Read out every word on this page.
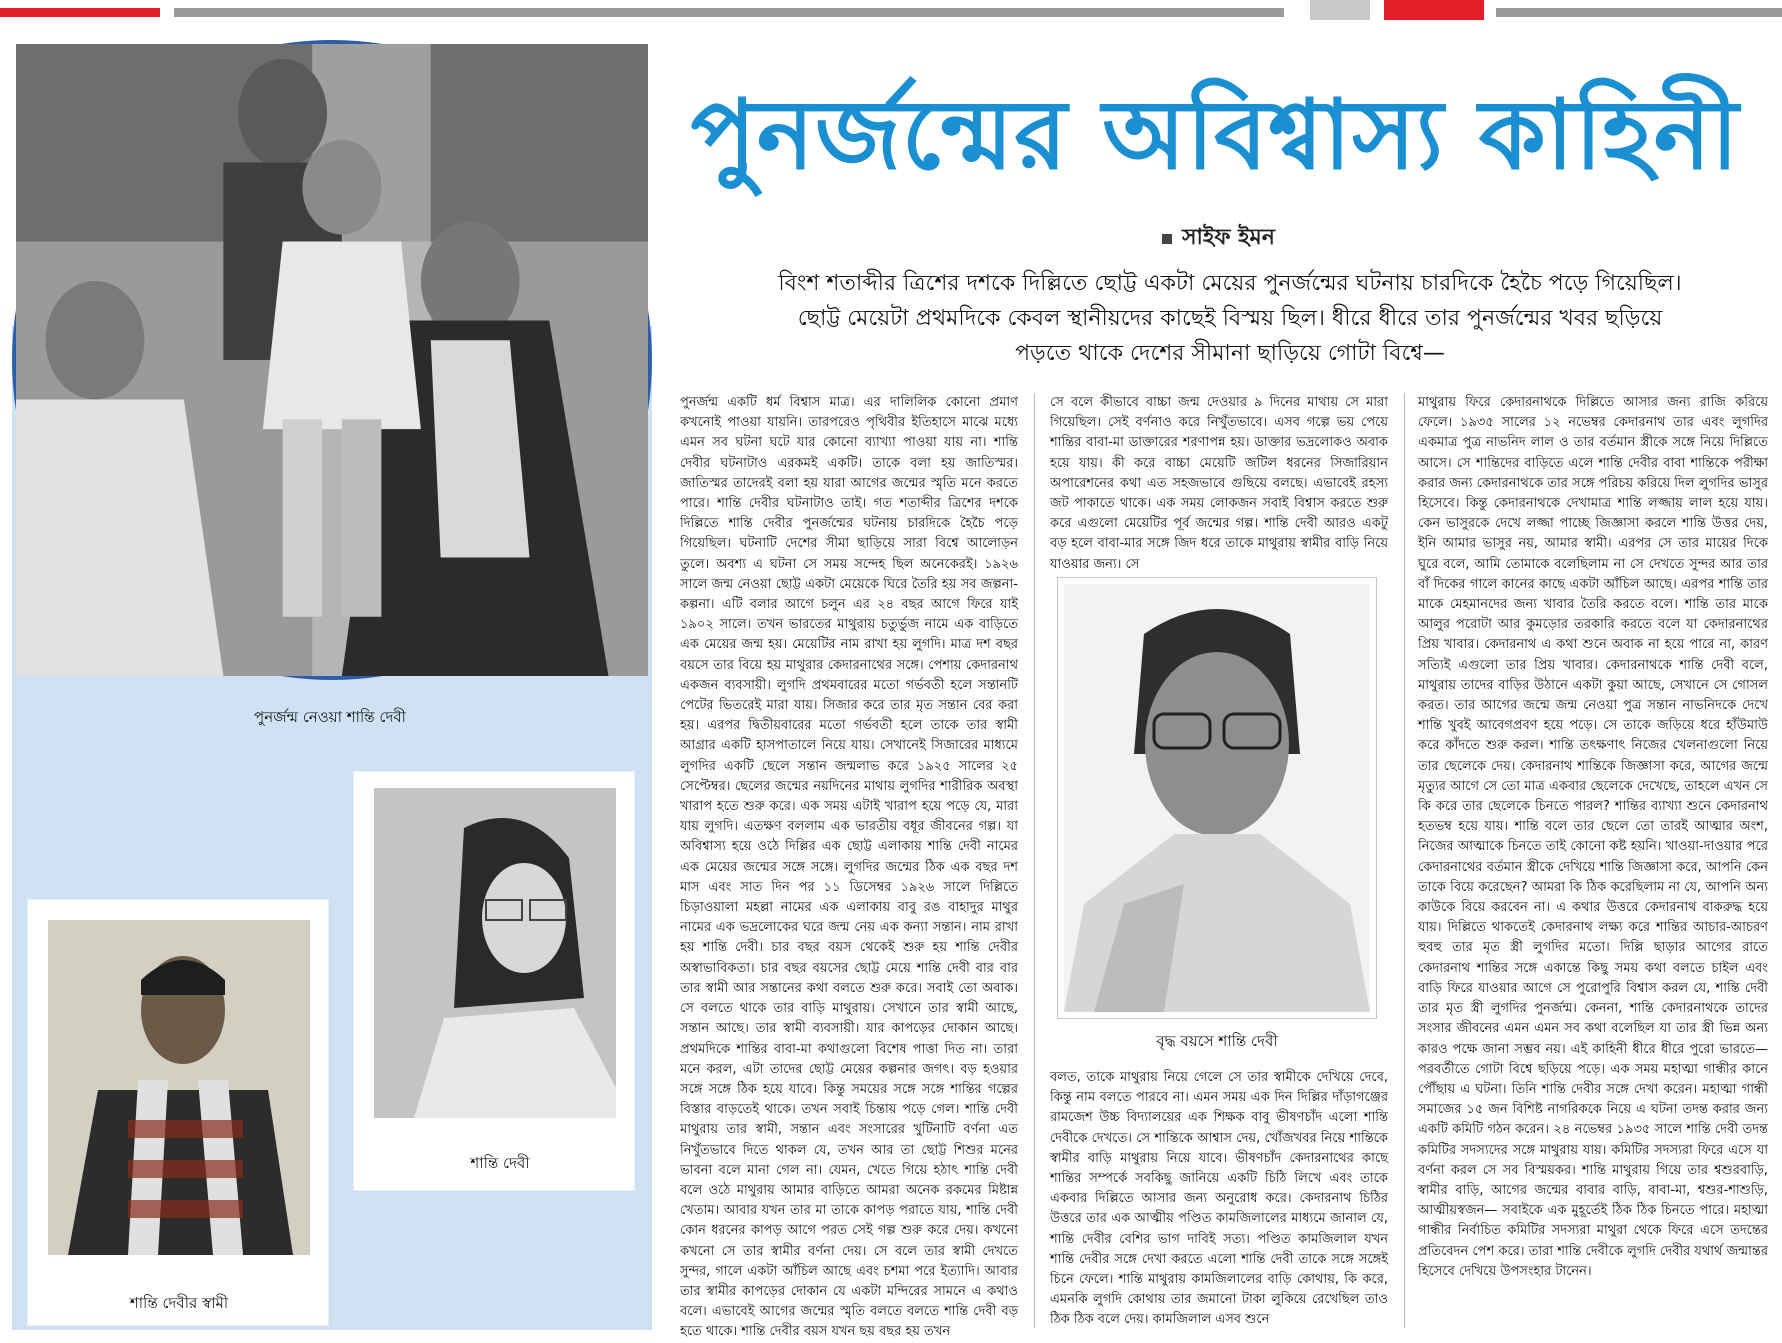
পুনর্জন্ম নেওয়া শান্তি দেবী
শান্তি দেবী
শান্তি দেবীর স্বামী
পুনর্জন্মের অবিশ্বাস্য কাহিনী
সাইফ ইমন

বিংশ শতাব্দীর ত্রিশের দশকে দিল্লিতে ছোট্ট একটা মেয়ের পুনর্জন্মের ঘটনায় চারদিকে হৈচৈ পড়ে গিয়েছিল।

ছোট্ট মেয়েটা প্রথমদিকে কেবল স্থানীয়দের কাছেই বিস্ময় ছিল। ধীরে ধীরে তার পুনর্জন্মের খবর ছড়িয়ে

পড়তে থাকে দেশের সীমানা ছাড়িয়ে গোটা বিশ্বে—

পুনর্জন্ম একটি ধর্ম বিশ্বাস মাত্র। এর দালিলিক কোনো প্রমাণ কখনোই পাওয়া যায়নি। তারপরেও পৃথিবীর ইতিহাসে মাঝে মধ্যে এমন সব ঘটনা ঘটে যার কোনো ব্যাখ্যা পাওয়া যায় না। শান্তি দেবীর ঘটনাটাও এরকমই একটি। তাকে বলা হয় জাতিস্মর। জাতিস্মর তাদেরই বলা হয় যারা আগের জন্মের স্মৃতি মনে করতে পারে। শান্তি দেবীর ঘটনাটাও তাই। গত শতাব্দীর ত্রিশের দশকে দিল্লিতে শান্তি দেবীর পুনর্জন্মের ঘটনায় চারদিকে হৈচৈ পড়ে গিয়েছিল। ঘটনাটি দেশের সীমা ছাড়িয়ে সারা বিশ্বে আলোড়ন তুলে। অবশ্য এ ঘটনা সে সময় সন্দেহ ছিল অনেকেরই। ১৯২৬ সালে জন্ম নেওয়া ছোট্ট একটা মেয়েকে ঘিরে তৈরি হয় সব জল্পনা-কল্পনা। এটি বলার আগে চলুন এর ২৪ বছর আগে ফিরে যাই ১৯০২ সালে। তখন ভারতের মাথুরায় চতুর্ভুজ নামে এক বাড়িতে এক মেয়ের জন্ম হয়। মেয়েটির নাম রাখা হয় লুগদি। মাত্র দশ বছর বয়সে তার বিয়ে হয় মাথুরার কেদারনাথের সঙ্গে। পেশায় কেদারনাথ একজন ব্যবসায়ী। লুগদি প্রথমবারের মতো গর্ভবতী হলে সন্তানটি পেটের ভিতরেই মারা যায়। সিজার করে তার মৃত সন্তান বের করা হয়। এরপর দ্বিতীয়বারের মতো গর্ভবতী হলে তাকে তার স্বামী আগ্রার একটি হাসপাতালে নিয়ে যায়। সেখানেই সিজারের মাধ্যমে লুগদির একটি ছেলে সন্তান জন্মলাভ করে ১৯২৫ সালের ২৫ সেপ্টেম্বর। ছেলের জন্মের নয়দিনের মাথায় লুগদির শারীরিক অবস্থা খারাপ হতে শুরু করে। এক সময় এটাই খারাপ হয়ে পড়ে যে, মারা যায় লুগদি। এতক্ষণ বললাম এক ভারতীয় বধূর জীবনের গল্প। যা অবিশ্বাস্য হয়ে ওঠে দিল্লির এক ছোট্ট এলাকায় শান্তি দেবী নামের এক মেয়ের জন্মের সঙ্গে সঙ্গে। লুগদির জন্মের ঠিক এক বছর দশ মাস এবং সাত দিন পর ১১ ডিসেম্বর ১৯২৬ সালে দিল্লিতে চিড়াওয়ালা মহল্লা নামের এক এলাকায় বাবু রঙ বাহাদুর মাথুর নামের এক ভদ্রলোকের ঘরে জন্ম নেয় এক কন্যা সন্তান। নাম রাখা হয় শান্তি দেবী। চার বছর বয়স থেকেই শুরু হয় শান্তি দেবীর অস্বাভাবিকতা। চার বছর বয়সের ছোট্ট মেয়ে শান্তি দেবী বার বার তার স্বামী আর সন্তানের কথা বলতে শুরু করে। সবাই তো অবাক। সে বলতে থাকে তার বাড়ি মাথুরায়। সেখানে তার স্বামী আছে, সন্তান আছে। তার স্বামী ব্যবসায়ী। যার কাপড়ের দোকান আছে। প্রথমদিকে শান্তির বাবা-মা কথাগুলো বিশেষ পাত্তা দিত না। তারা মনে করল, এটা তাদের ছোট্ট মেয়ের কল্পনার জগৎ। বড় হওয়ার সঙ্গে সঙ্গে ঠিক হয়ে যাবে। কিন্তু সময়ের সঙ্গে সঙ্গে শান্তির গল্পের বিস্তার বাড়তেই থাকে। তখন সবাই চিন্তায় পড়ে গেল। শান্তি দেবী মাথুরায় তার স্বামী, সন্তান এবং সংসারের খুটিনাটি বর্ণনা এত নিখুঁতভাবে দিতে থাকল যে, তখন আর তা ছোট্ট শিশুর মনের ভাবনা বলে মানা গেল না। যেমন, খেতে গিয়ে হঠাৎ শান্তি দেবী বলে ওঠে মাথুরায় আমার বাড়িতে আমরা অনেক রকমের মিষ্টান্ন খেতাম। আবার যখন তার মা তাকে কাপড় পরাতে যায়, শান্তি দেবী কোন ধরনের কাপড় আগে পরত সেই গল্প শুরু করে দেয়। কখনো কখনো সে তার স্বামীর বর্ণনা দেয়। সে বলে তার স্বামী দেখতে সুন্দর, গালে একটা আঁচিল আছে এবং চশমা পরে ইত্যাদি। আবার তার স্বামীর কাপড়ের দোকান যে একটা মন্দিরের সামনে এ কথাও বলে। এভাবেই আগের জন্মের স্মৃতি বলতে বলতে শান্তি দেবী বড় হতে থাকে। শান্তি দেবীর বয়স যখন ছয় বছর হয় তখন

সে বলে কীভাবে বাচ্চা জন্ম দেওয়ার ৯ দিনের মাথায় সে মারা গিয়েছিল। সেই বর্ণনাও করে নিখুঁতভাবে। এসব গল্পে ভয় পেয়ে শান্তির বাবা-মা ডাক্তারের শরণাপন্ন হয়। ডাক্তার ভদ্রলোকও অবাক হয়ে যায়। কী করে বাচ্চা মেয়েটি জটিল ধরনের সিজারিয়ান অপারেশনের কথা এত সহজভাবে গুছিয়ে বলছে। এভাবেই রহস্য জট পাকাতে থাকে। এক সময় লোকজন সবাই বিশ্বাস করতে শুরু করে এগুলো মেয়েটির পূর্ব জন্মের গল্প। শান্তি দেবী আরও একটু বড় হলে বাবা-মার সঙ্গে জিদ ধরে তাকে মাথুরায় স্বামীর বাড়ি নিয়ে যাওয়ার জন্য। সে

বৃদ্ধ বয়সে শান্তি দেবী

বলত, তাকে মাথুরায় নিয়ে গেলে সে তার স্বামীকে দেখিয়ে দেবে, কিন্তু নাম বলতে পারবে না। এমন সময় এক দিন দিল্লির দাঁড়াগঞ্জের রামজেশ উচ্চ বিদ্যালয়ের এক শিক্ষক বাবু ভীষণচাঁদ এলো শান্তি দেবীকে দেখতে। সে শান্তিকে আশ্বাস দেয়, খোঁজখবর নিয়ে শান্তিকে স্বামীর বাড়ি মাথুরায় নিয়ে যাবে। ভীষণচাঁদ কেদারনাথের কাছে শান্তির সম্পর্কে সবকিছু জানিয়ে একটি চিঠি লিখে এবং তাকে একবার দিল্লিতে আসার জন্য অনুরোধ করে। কেদারনাথ চিঠির উত্তরে তার এক আত্মীয় পণ্ডিত কামজিলালের মাধ্যমে জানাল যে, শান্তি দেবীর বেশির ভাগ দাবিই সত্য। পণ্ডিত কামজিলাল যখন শান্তি দেবীর সঙ্গে দেখা করতে এলো শান্তি দেবী তাকে সঙ্গে সঙ্গেই চিনে ফেলে। শান্তি মাথুরায় কামজিলালের বাড়ি কোথায়, কি করে, এমনকি লুগদি কোথায় তার জমানো টাকা লুকিয়ে রেখেছিল তাও ঠিক ঠিক বলে দেয়। কামজিলাল এসব শুনে

মাথুরায় ফিরে কেদারনাথকে দিল্লিতে আসার জন্য রাজি করিয়ে ফেলে। ১৯৩৫ সালের ১২ নভেম্বর কেদারনাথ তার এবং লুগদির একমাত্র পুত্র নাভনিদ লাল ও তার বর্তমান স্ত্রীকে সঙ্গে নিয়ে দিল্লিতে আসে। সে শান্তিদের বাড়িতে এলে শান্তি দেবীর বাবা শান্তিকে পরীক্ষা করার জন্য কেদারনাথকে তার সঙ্গে পরিচয় করিয়ে দিল লুগদির ভাসুর হিসেবে। কিন্তু কেদারনাথকে দেখামাত্র শান্তি লজ্জায় লাল হয়ে যায়। কেন ভাসুরকে দেখে লজ্জা পাচ্ছে জিজ্ঞাসা করলে শান্তি উত্তর দেয়, ইনি আমার ভাসুর নয়, আমার স্বামী। এরপর সে তার মায়ের দিকে ঘুরে বলে, আমি তোমাকে বলেছিলাম না সে দেখতে সুন্দর আর তার বাঁ দিকের গালে কানের কাছে একটা আঁচিল আছে। এরপর শান্তি তার মাকে মেহমানদের জন্য খাবার তৈরি করতে বলে। শান্তি তার মাকে আলুর পরোটা আর কুমড়োর তরকারি করতে বলে যা কেদারনাথের প্রিয় খাবার। কেদারনাথ এ কথা শুনে অবাক না হয়ে পারে না, কারণ সত্যিই এগুলো তার প্রিয় খাবার। কেদারনাথকে শান্তি দেবী বলে, মাথুরায় তাদের বাড়ির উঠানে একটা কুয়া আছে, সেখানে সে গোসল করত। তার আগের জন্মে জন্ম নেওয়া পুত্র সন্তান নাভনিদকে দেখে শান্তি খুবই আবেগপ্রবণ হয়ে পড়ে। সে তাকে জড়িয়ে ধরে হাঁউমাউ করে কাঁদতে শুরু করল। শান্তি তৎক্ষণাৎ নিজের খেলনাগুলো নিয়ে তার ছেলেকে দেয়। কেদারনাথ শান্তিকে জিজ্ঞাসা করে, আগের জন্মে মৃত্যুর আগে সে তো মাত্র একবার ছেলেকে দেখেছে, তাহলে এখন সে কি করে তার ছেলেকে চিনতে পারল? শান্তির ব্যাখ্যা শুনে কেদারনাথ হতভম্ব হয়ে যায়। শান্তি বলে তার ছেলে তো তারই আত্মার অংশ, নিজের আত্মাকে চিনতে তাই কোনো কষ্ট হয়নি। খাওয়া-দাওয়ার পরে কেদারনাথের বর্তমান স্ত্রীকে দেখিয়ে শান্তি জিজ্ঞাসা করে, আপনি কেন তাকে বিয়ে করেছেন? আমরা কি ঠিক করেছিলাম না যে, আপনি অন্য কাউকে বিয়ে করবেন না। এ কথার উত্তরে কেদারনাথ বাকরুদ্ধ হয়ে যায়। দিল্লিতে থাকতেই কেদারনাথ লক্ষ্য করে শান্তির আচার-আচরণ হুবহু তার মৃত স্ত্রী লুগদির মতো। দিল্লি ছাড়ার আগের রাতে কেদারনাথ শান্তির সঙ্গে একান্তে কিছু সময় কথা বলতে চাইল এবং বাড়ি ফিরে যাওয়ার আগে সে পুরোপুরি বিশ্বাস করল যে, শান্তি দেবী তার মৃত স্ত্রী লুগদির পুনর্জন্ম। কেননা, শান্তি কেদারনাথকে তাদের সংসার জীবনের এমন এমন সব কথা বলেছিল যা তার স্ত্রী ভিন্ন অন্য কারও পক্ষে জানা সম্ভব নয়। এই কাহিনী ধীরে ধীরে পুরো ভারতে— পরবর্তীতে গোটা বিশ্বে ছড়িয়ে পড়ে। এক সময় মহাত্মা গান্ধীর কানে পৌঁছায় এ ঘটনা। তিনি শান্তি দেবীর সঙ্গে দেখা করেন। মহাত্মা গান্ধী সমাজের ১৫ জন বিশিষ্ট নাগরিককে নিয়ে এ ঘটনা তদন্ত করার জন্য একটি কমিটি গঠন করেন। ২৪ নভেম্বর ১৯৩৫ সালে শান্তি দেবী তদন্ত কমিটির সদস্যদের সঙ্গে মাথুরায় যায়। কমিটির সদস্যরা ফিরে এসে যা বর্ণনা করল সে সব বিস্ময়কর। শান্তি মাথুরায় গিয়ে তার শ্বশুরবাড়ি, স্বামীর বাড়ি, আগের জন্মের বাবার বাড়ি, বাবা-মা, শ্বশুর-শাশুড়ি, আত্মীয়স্বজন— সবাইকে এক মুহূর্তেই ঠিক ঠিক চিনতে পারে। মহাত্মা গান্ধীর নির্বাচিত কমিটির সদস্যরা মাথুরা থেকে ফিরে এসে তদন্তের প্রতিবেদন পেশ করে। তারা শান্তি দেবীকে লুগদি দেবীর যথার্থ জন্মান্তর হিসেবে দেখিয়ে উপসংহার টানেন।
